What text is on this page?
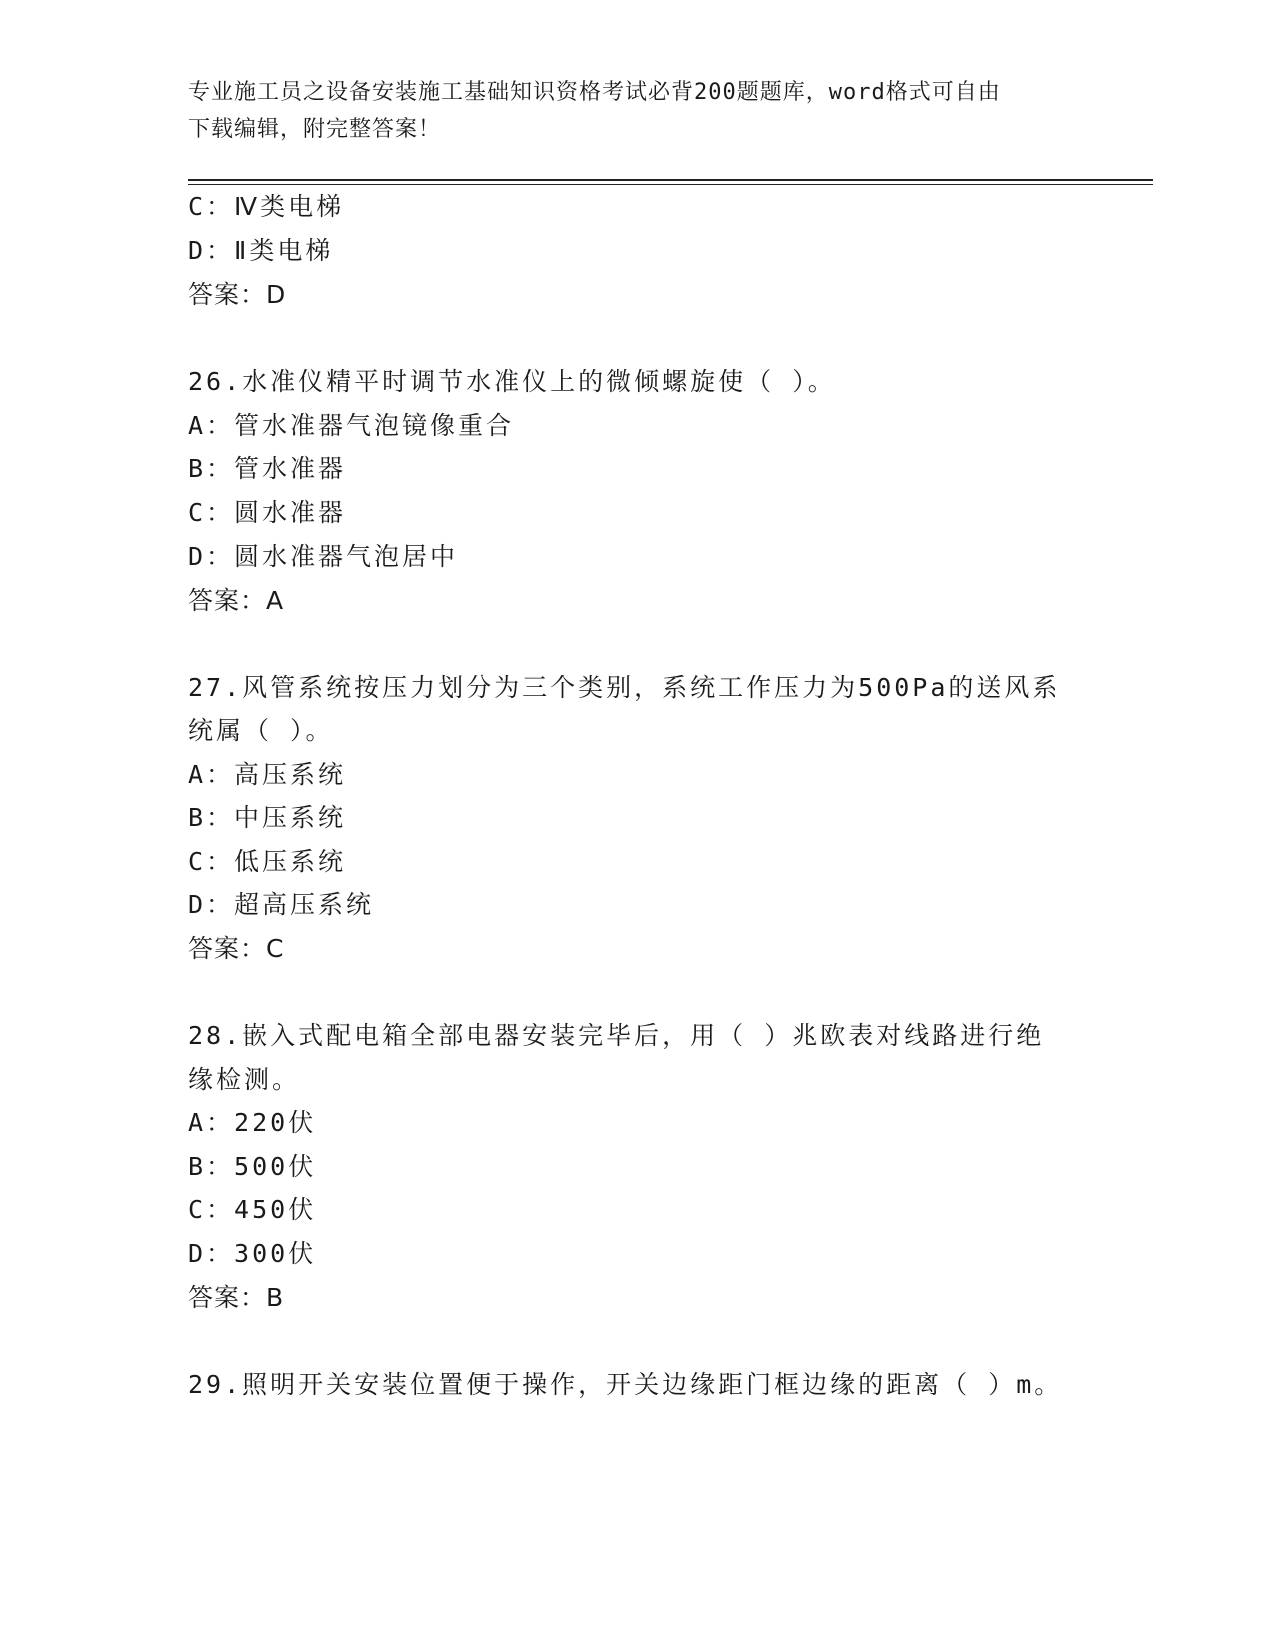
专业施工员之设备安装施工基础知识资格考试必背200题题库，word格式可自由
下载编辑，附完整答案！
C：Ⅳ类电梯
D：Ⅱ类电梯
答案：D
26.水准仪精平时调节水准仪上的微倾螺旋使（ ）。
A：管水准器气泡镜像重合
B：管水准器
C：圆水准器
D：圆水准器气泡居中
答案：A
27.风管系统按压力划分为三个类别，系统工作压力为500Pa的送风系
统属（ ）。
A：高压系统
B：中压系统
C：低压系统
D：超高压系统
答案：C
28.嵌入式配电箱全部电器安装完毕后，用（ ）兆欧表对线路进行绝
缘检测。
A：220伏
B：500伏
C：450伏
D：300伏
答案：B
29.照明开关安装位置便于操作，开关边缘距门框边缘的距离（ ）m。
